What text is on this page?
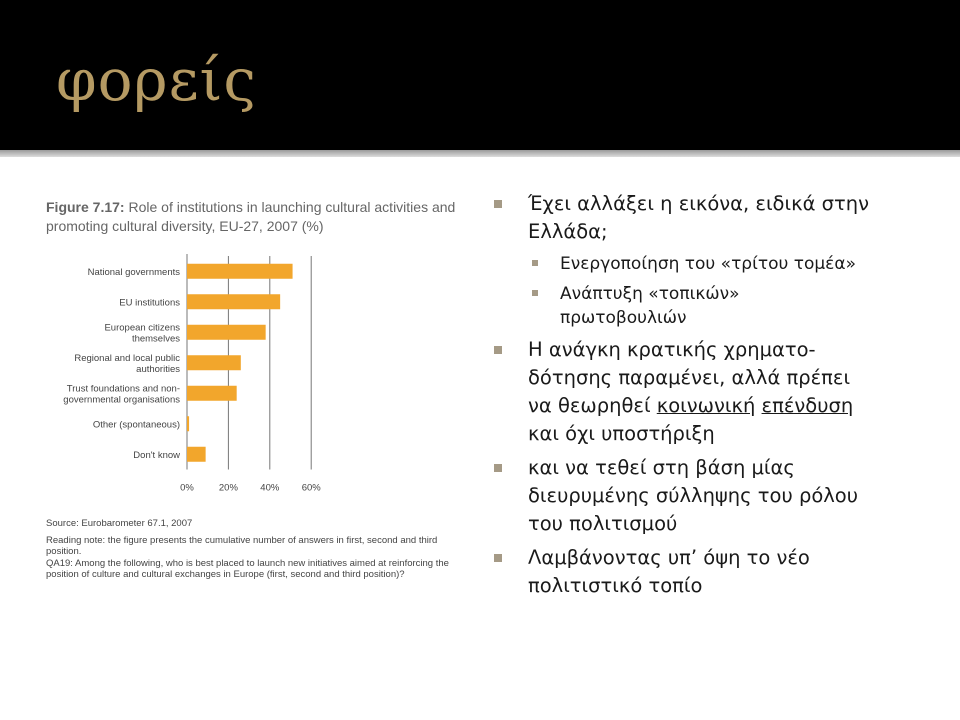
φορείς
Figure 7.17: Role of institutions in launching cultural activities and promoting cultural diversity, EU-27, 2007 (%)
0%	20% 40% 60%
National governments
EU institutions
European citizens
themselves
Regional and local public
authorities
Trust foundations and non-
governmental organisations
Other (spontaneous)
Don't know
Source: Eurobarometer 67.1, 2007
Reading note: the figure presents the cumulative number of answers in first, second and third position.
QA19: Among the following, who is best placed to launch new initiatives aimed at reinforcing the position of culture and cultural exchanges in Europe (first, second and third position)?
Έχει αλλάξει η εικόνα, ειδικά στην
Ελλάδα;
Ενεργοποίηση του «τρίτου τομέα»
Ανάπτυξη «τοπικών»
πρωτοβουλιών
Η ανάγκη κρατικής χρηματο-
δότησης παραμένει, αλλά πρέπει
να θεωρηθεί κοινωνική επένδυση
και όχι υποστήριξη
και να τεθεί στη βάση μίας
διευρυμένης σύλληψης του ρόλου
του πολιτισμού
Λαμβάνοντας υπ’ όψη το νέο
πολιτιστικό τοπίο
